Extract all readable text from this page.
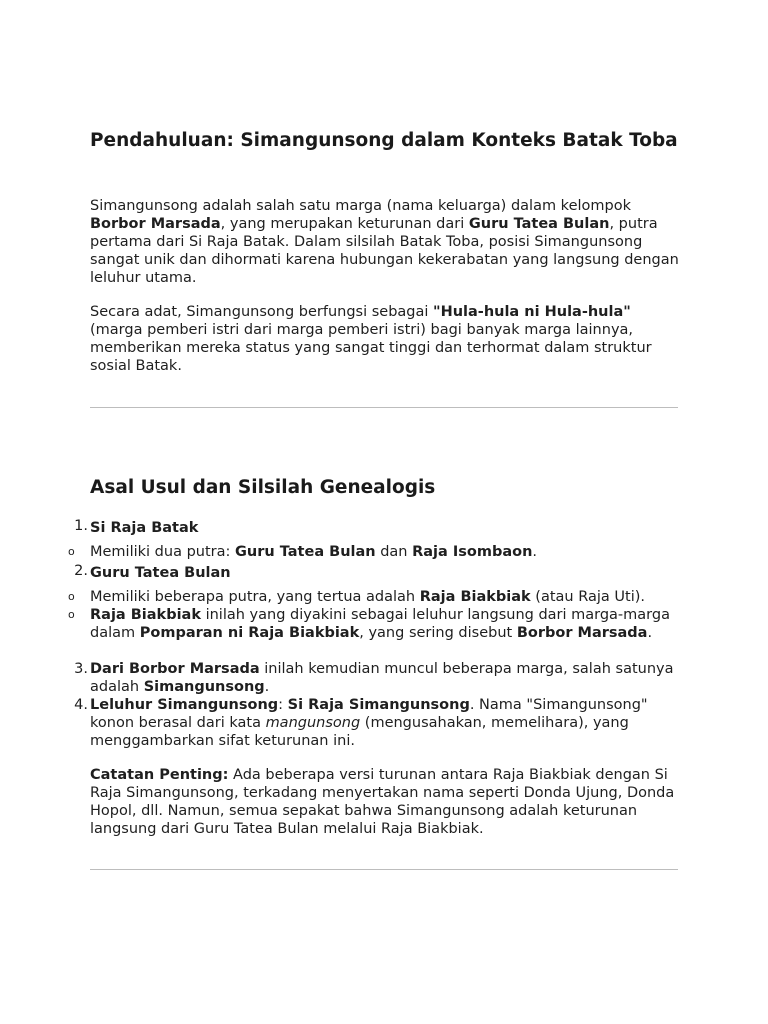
Pendahuluan: Simangunsong dalam Konteks Batak Toba

Simangunsong adalah salah satu marga (nama keluarga) dalam kelompok Borbor Marsada, yang merupakan keturunan dari Guru Tatea Bulan, putra pertama dari Si Raja Batak. Dalam silsilah Batak Toba, posisi Simangunsong sangat unik dan dihormati karena hubungan kekerabatan yang langsung dengan leluhur utama.

Secara adat, Simangunsong berfungsi sebagai "Hula-hula ni Hula-hula" (marga pemberi istri dari marga pemberi istri) bagi banyak marga lainnya, memberikan mereka status yang sangat tinggi dan terhormat dalam struktur sosial Batak.

Asal Usul dan Silsilah Genealogis
1. Si Raja Batak
o Memiliki dua putra: Guru Tatea Bulan dan Raja Isombaon.
2. Guru Tatea Bulan
o Memiliki beberapa putra, yang tertua adalah Raja Biakbiak (atau Raja Uti).
o Raja Biakbiak inilah yang diyakini sebagai leluhur langsung dari marga-marga dalam Pomparan ni Raja Biakbiak, yang sering disebut Borbor Marsada.
3. Dari Borbor Marsada inilah kemudian muncul beberapa marga, salah satunya adalah Simangunsong.
4. Leluhur Simangunsong: Si Raja Simangunsong. Nama "Simangunsong" konon berasal dari kata mangunsong (mengusahakan, memelihara), yang menggambarkan sifat keturunan ini.

Catatan Penting: Ada beberapa versi turunan antara Raja Biakbiak dengan Si Raja Simangunsong, terkadang menyertakan nama seperti Donda Ujung, Donda Hopol, dll. Namun, semua sepakat bahwa Simangunsong adalah keturunan langsung dari Guru Tatea Bulan melalui Raja Biakbiak.
